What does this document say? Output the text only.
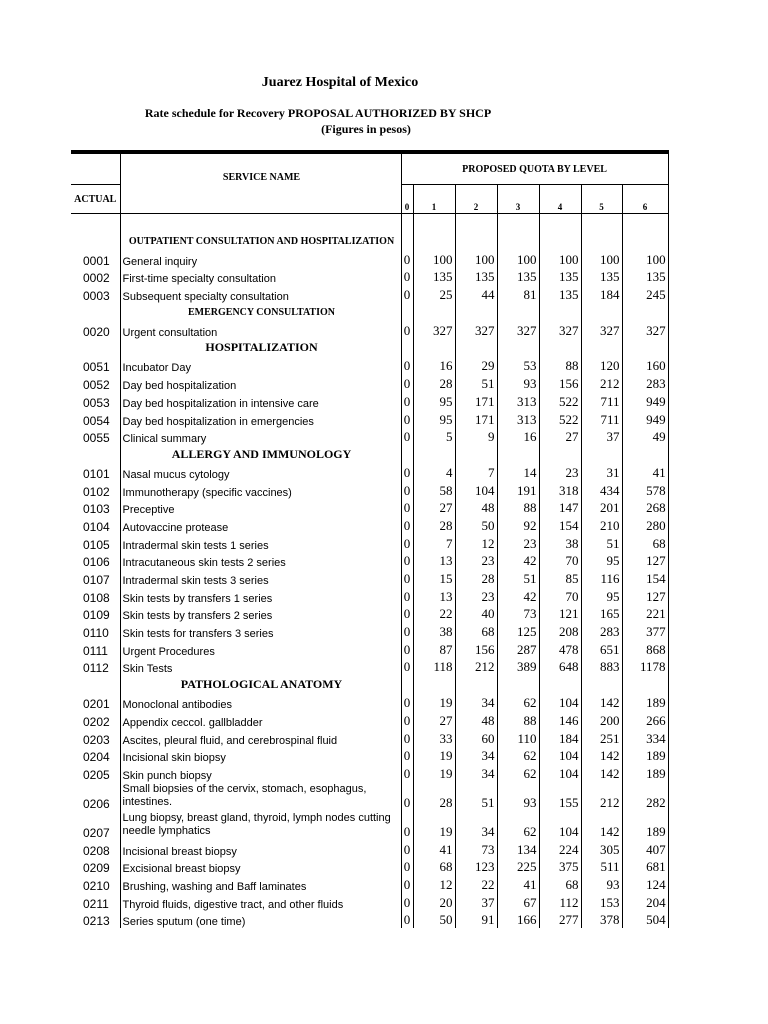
Juarez Hospital of Mexico
Rate schedule for Recovery PROPOSAL AUTHORIZED BY SHCP
(Figures in pesos)
	SERVICE NAME	PROPOSED QUOTA BY LEVEL						
ACTUAL								
		0	1	2	3	4	5	6

	OUTPATIENT CONSULTATION AND HOSPITALIZATION							
0001	General inquiry	0	100	100	100	100	100	100
0002	First-time specialty consultation	0	135	135	135	135	135	135
0003	Subsequent specialty consultation	0	25	44	81	135	184	245
	EMERGENCY CONSULTATION							
0020	Urgent consultation	0	327	327	327	327	327	327
	HOSPITALIZATION							
0051	Incubator Day	0	16	29	53	88	120	160
0052	Day bed hospitalization	0	28	51	93	156	212	283
0053	Day bed hospitalization in intensive care	0	95	171	313	522	711	949
0054	Day bed hospitalization in emergencies	0	95	171	313	522	711	949
0055	Clinical summary	0	5	9	16	27	37	49
	ALLERGY AND IMMUNOLOGY							
0101	Nasal mucus cytology	0	4	7	14	23	31	41
0102	Immunotherapy (specific vaccines)	0	58	104	191	318	434	578
0103	Preceptive	0	27	48	88	147	201	268
0104	Autovaccine protease	0	28	50	92	154	210	280
0105	Intradermal skin tests 1 series	0	7	12	23	38	51	68
0106	Intracutaneous skin tests 2 series	0	13	23	42	70	95	127
0107	Intradermal skin tests 3 series	0	15	28	51	85	116	154
0108	Skin tests by transfers 1 series	0	13	23	42	70	95	127
0109	Skin tests by transfers 2 series	0	22	40	73	121	165	221
0110	Skin tests for transfers 3 series	0	38	68	125	208	283	377
0111	Urgent Procedures	0	87	156	287	478	651	868
0112	Skin Tests	0	118	212	389	648	883	1178
	PATHOLOGICAL ANATOMY							
0201	Monoclonal antibodies	0	19	34	62	104	142	189
0202	Appendix ceccol. gallbladder	0	27	48	88	146	200	266
0203	Ascites, pleural fluid, and cerebrospinal fluid	0	33	60	110	184	251	334
0204	Incisional skin biopsy	0	19	34	62	104	142	189
0205	Skin punch biopsy	0	19	34	62	104	142	189
0206	Small biopsies of the cervix, stomach, esophagus, intestines.	0	28	51	93	155	212	282
0207	Lung biopsy, breast gland, thyroid, lymph nodes cutting needle lymphatics	0	19	34	62	104	142	189
0208	Incisional breast biopsy	0	41	73	134	224	305	407
0209	Excisional breast biopsy	0	68	123	225	375	511	681
0210	Brushing, washing and Baff laminates	0	12	22	41	68	93	124
0211	Thyroid fluids, digestive tract, and other fluids	0	20	37	67	112	153	204
0213	Series sputum (one time)	0	50	91	166	277	378	504
